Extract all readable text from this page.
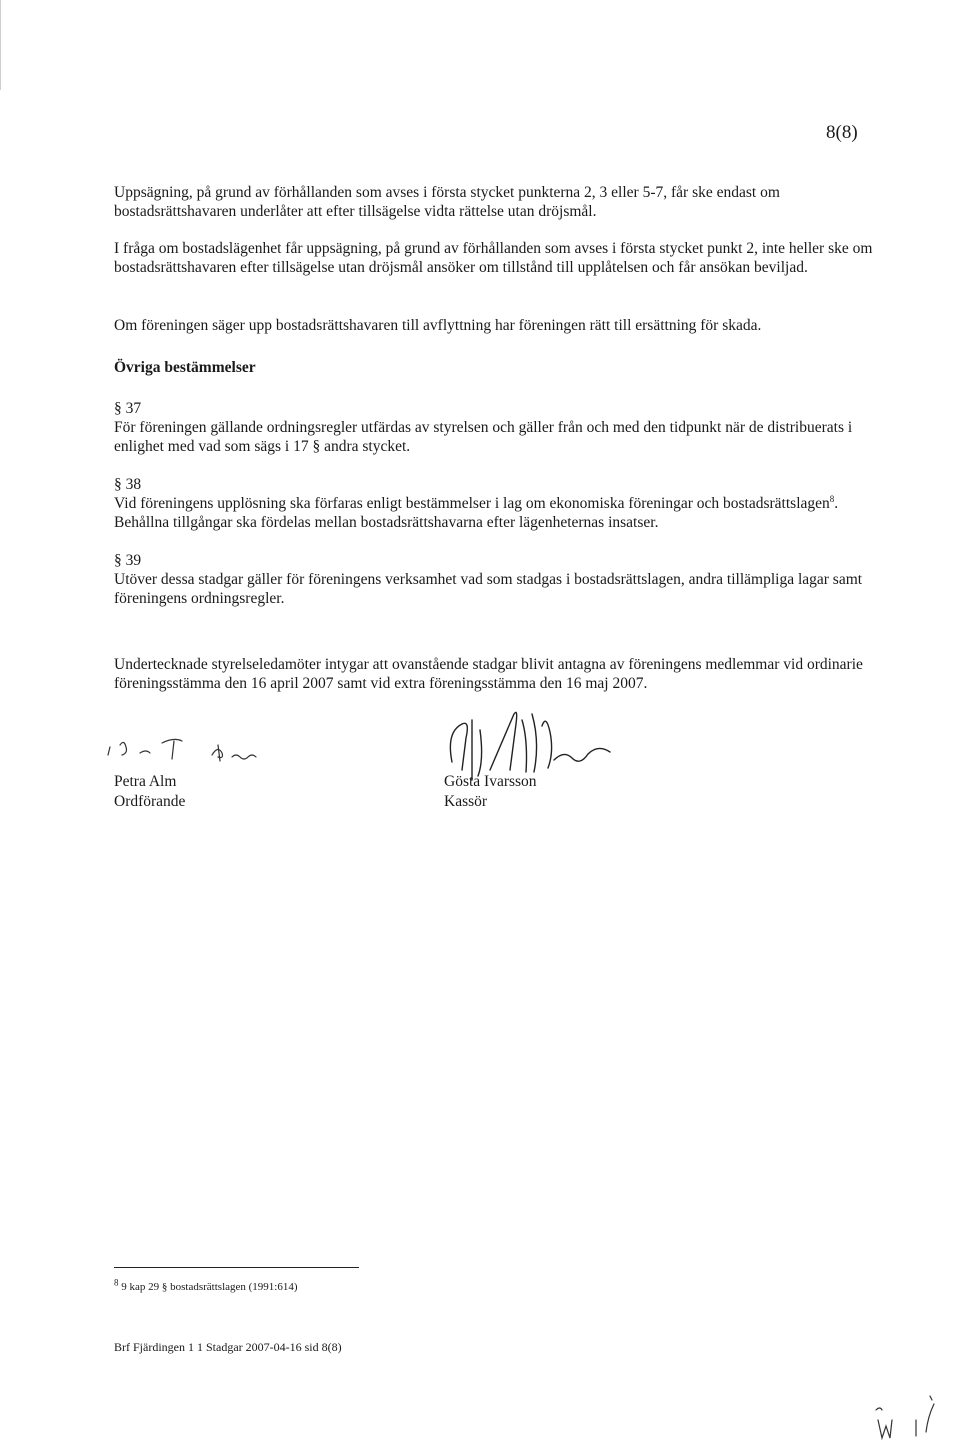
8(8)
Uppsägning, på grund av förhållanden som avses i första stycket punkterna 2, 3 eller 5-7, får ske endast om bostadsrättshavaren underlåter att efter tillsägelse vidta rättelse utan dröjsmål.
I fråga om bostadslägenhet får uppsägning, på grund av förhållanden som avses i första stycket punkt 2, inte heller ske om bostadsrättshavaren efter tillsägelse utan dröjsmål ansöker om tillstånd till upplåtelsen och får ansökan beviljad.
Om föreningen säger upp bostadsrättshavaren till avflyttning har föreningen rätt till ersättning för skada.
Övriga bestämmelser
§ 37
För föreningen gällande ordningsregler utfärdas av styrelsen och gäller från och med den tidpunkt när de distribuerats i enlighet med vad som sägs i 17 § andra stycket.
§ 38
Vid föreningens upplösning ska förfaras enligt bestämmelser i lag om ekonomiska föreningar och bostadsrättslagen$^8$. Behållna tillgångar ska fördelas mellan bostadsrättshavarna efter lägenheternas insatser.
§ 39
Utöver dessa stadgar gäller för föreningens verksamhet vad som stadgas i bostadsrättslagen, andra tillämpliga lagar samt föreningens ordningsregler.
Undertecknade styrelseledamöter intygar att ovanstående stadgar blivit antagna av föreningens medlemmar vid ordinarie föreningsstämma den 16 april 2007 samt vid extra föreningsstämma den 16 maj 2007.
Petra Alm
Ordförande
Gösta Ivarsson
Kassör
$^8$ 9 kap 29 § bostadsrättslagen (1991:614)
Brf Fjärdingen 1 1 Stadgar 2007-04-16 sid 8(8)
